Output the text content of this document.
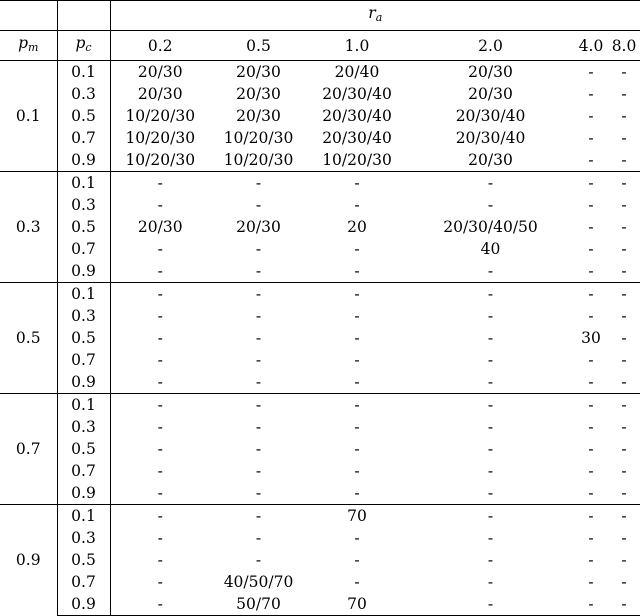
		$r_a$
$p_m$	$p_c$	0.2	0.5	1.0	2.0	4.0	8.0
0.1	0.1	20/30	20/30	20/40	20/30	-	-
	0.3	20/30	20/30	20/30/40	20/30	-	-
	0.5	10/20/30	20/30	20/30/40	20/30/40	-	-
	0.7	10/20/30	10/20/30	20/30/40	20/30/40	-	-
	0.9	10/20/30	10/20/30	10/20/30	20/30	-	-
0.3	0.1	-	-	-	-	-	-
	0.3	-	-	-	-	-	-
	0.5	20/30	20/30	20	20/30/40/50	-	-
	0.7	-	-	-	40	-	-
	0.9	-	-	-	-	-	-
0.5	0.1	-	-	-	-	-	-
	0.3	-	-	-	-	-	-
	0.5	-	-	-	-	30	-
	0.7	-	-	-	-	-	-
	0.9	-	-	-	-	-	-
0.7	0.1	-	-	-	-	-	-
	0.3	-	-	-	-	-	-
	0.5	-	-	-	-	-	-
	0.7	-	-	-	-	-	-
	0.9	-	-	-	-	-	-
0.9	0.1	-	-	70	-	-	-
	0.3	-	-	-	-	-	-
	0.5	-	-	-	-	-	-
	0.7	-	40/50/70	-	-	-	-
	0.9	-	50/70	70	-	-	-
